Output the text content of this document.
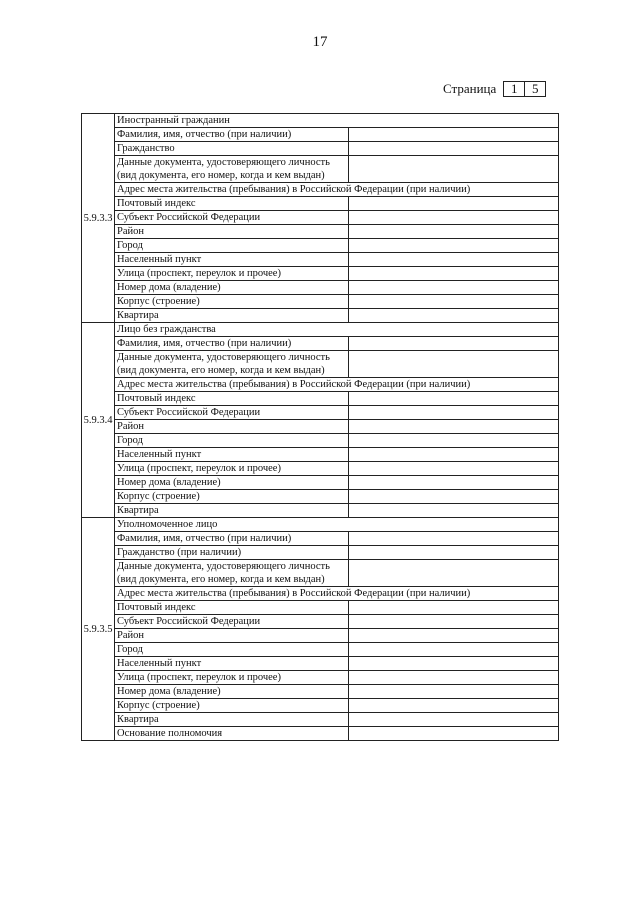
17
Страница	1	5
5.9.3.3	Иностранный гражданин	
	Фамилия, имя, отчество (при наличии)	
	Гражданство	
	Данные документа, удостоверяющего личность (вид документа, его номер, когда и кем выдан)	
	Адрес места жительства (пребывания) в Российской Федерации (при наличии)	
	Почтовый индекс	
	Субъект Российской Федерации	
	Район	
	Город	
	Населенный пункт	
	Улица (проспект, переулок и прочее)	
	Номер дома (владение)	
	Корпус (строение)	
	Квартира	
5.9.3.4	Лицо без гражданства	
	Фамилия, имя, отчество (при наличии)	
	Данные документа, удостоверяющего личность (вид документа, его номер, когда и кем выдан)	
	Адрес места жительства (пребывания) в Российской Федерации (при наличии)	
	Почтовый индекс	
	Субъект Российской Федерации	
	Район	
	Город	
	Населенный пункт	
	Улица (проспект, переулок и прочее)	
	Номер дома (владение)	
	Корпус (строение)	
	Квартира	
5.9.3.5	Уполномоченное лицо	
	Фамилия, имя, отчество (при наличии)	
	Гражданство (при наличии)	
	Данные документа, удостоверяющего личность (вид документа, его номер, когда и кем выдан)	
	Адрес места жительства (пребывания) в Российской Федерации (при наличии)	
	Почтовый индекс	
	Субъект Российской Федерации	
	Район	
	Город	
	Населенный пункт	
	Улица (проспект, переулок и прочее)	
	Номер дома (владение)	
	Корпус (строение)	
	Квартира	
	Основание полномочия	
